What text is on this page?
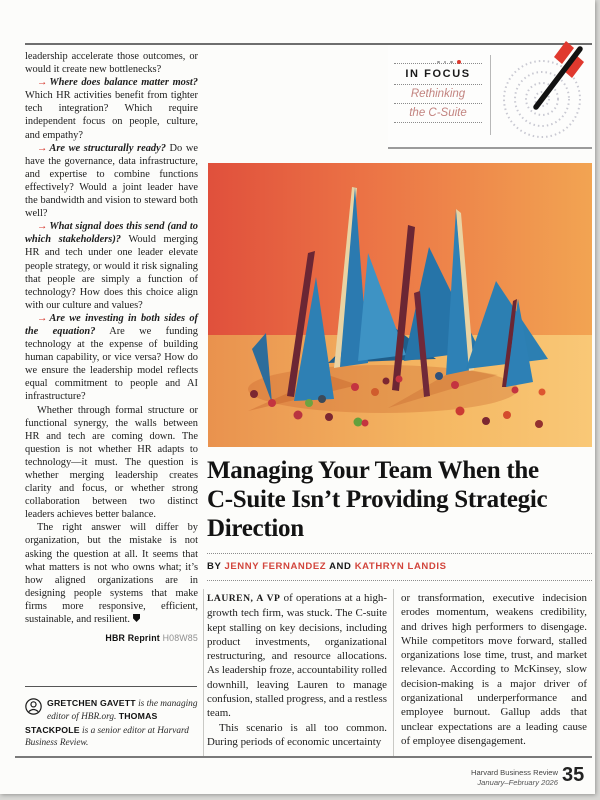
leadership accelerate those outcomes, or would it create new bottlenecks?

→ Where does balance matter most? Which HR activities benefit from tighter tech integration? Which require independent focus on people, culture, and empathy?

→ Are we structurally ready? Do we have the governance, data infrastructure, and expertise to combine functions effectively? Would a joint leader have the bandwidth and vision to steward both well?

→ What signal does this send (and to which stakeholders)? Would merging HR and tech under one leader elevate people strategy, or would it risk signaling that people are simply a function of technology? How does this choice align with our culture and values?

→ Are we investing in both sides of the equation? Are we funding technology at the expense of building human capability, or vice versa? How do we ensure the leadership model reflects equal commitment to people and AI infrastructure?

Whether through formal structure or functional synergy, the walls between HR and tech are coming down. The question is not whether HR adapts to technology—it must. The question is whether merging leadership creates clarity and focus, or whether strong collaboration between two distinct leaders achieves better balance.

The right answer will differ by organization, but the mistake is not asking the question at all. It seems that what matters is not who owns what; it’s how aligned organizations are in designing people systems that make firms more responsive, efficient, sustainable, and resilient.

HBR Reprint H08W85
GRETCHEN GAVETT is the managing editor of HBR.org. THOMAS STACKPOLE is a senior editor at Harvard Business Review.
IN FOCUS
Rethinking
the C-Suite
Managing Your Team When the
C-Suite Isn’t Providing Strategic
Direction
BY JENNY FERNANDEZ AND KATHRYN LANDIS

LAUREN, A VP of operations at a high-growth tech firm, was stuck. The C-suite kept stalling on key decisions, including product investments, organizational restructuring, and resource allocations. As leadership froze, accountability rolled downhill, leaving Lauren to manage confusion, stalled progress, and a restless team.

This scenario is all too common. During periods of economic uncertainty

or transformation, executive indecision erodes momentum, weakens credibility, and drives high performers to disengage. While competitors move forward, stalled organizations lose time, trust, and market relevance. According to McKinsey, slow decision-making is a major driver of organizational underperformance and employee burnout. Gallup adds that unclear expectations are a leading cause of employee disengagement.

Harvard Business Review
January–February 2026 35
